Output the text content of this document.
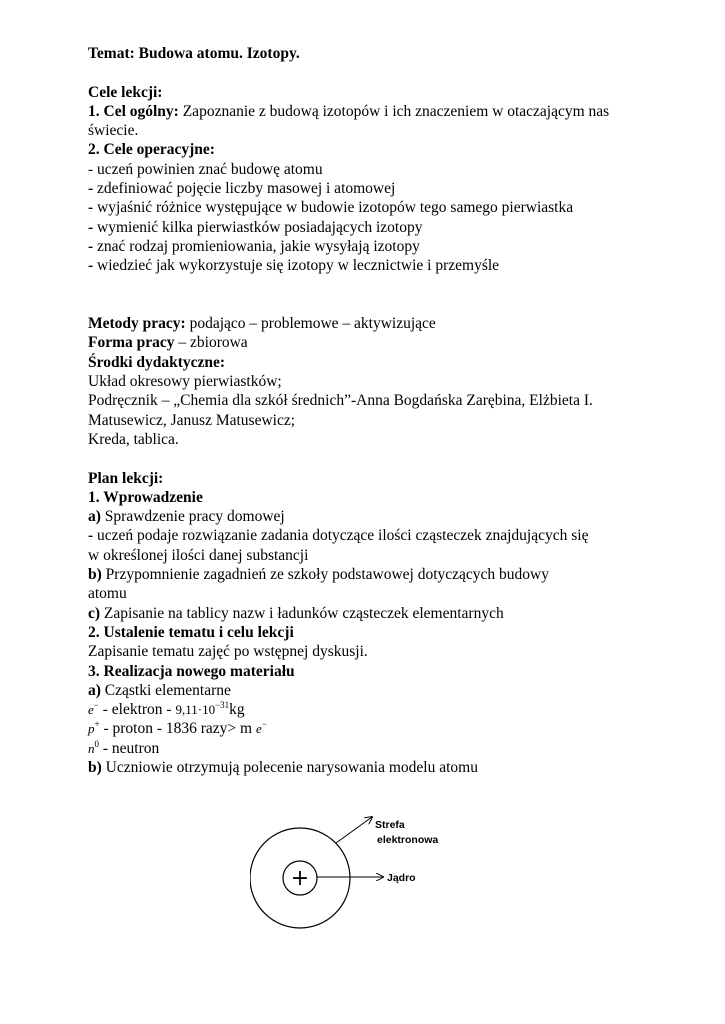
Temat: Budowa atomu. Izotopy.
Cele lekcji:
1. Cel ogólny: Zapoznanie z budową izotopów i ich znaczeniem w otaczającym nas
świecie.
2. Cele operacyjne:
- uczeń powinien znać budowę atomu
- zdefiniować pojęcie liczby masowej i atomowej
- wyjaśnić różnice występujące w budowie izotopów tego samego pierwiastka
- wymienić kilka pierwiastków posiadających izotopy
- znać rodzaj promieniowania, jakie wysyłają izotopy
- wiedzieć jak wykorzystuje się izotopy w lecznictwie i przemyśle
Metody pracy: podająco – problemowe – aktywizujące
Forma pracy – zbiorowa
Środki dydaktyczne:
Układ okresowy pierwiastków;
Podręcznik – „Chemia dla szkół średnich”-Anna Bogdańska Zarębina, Elżbieta I.
Matusewicz, Janusz Matusewicz;
Kreda, tablica.
Plan lekcji:
1. Wprowadzenie
a) Sprawdzenie pracy domowej
- uczeń podaje rozwiązanie zadania dotyczące ilości cząsteczek znajdujących się
w określonej ilości danej substancji
b) Przypomnienie zagadnień ze szkoły podstawowej dotyczących budowy
atomu
c) Zapisanie na tablicy nazw i ładunków cząsteczek elementarnych
2. Ustalenie tematu i celu lekcji
Zapisanie tematu zajęć po wstępnej dyskusji.
3. Realizacja nowego materiału
a) Cząstki elementarne
e− - elektron - $9,11\cdot 10^{-31}kg$
p+ - proton - 1836 razy> m e−
$n^0$ - neutron
b) Uczniowie otrzymują polecenie narysowania modelu atomu
+
Strefa
elektronowa
Jądro
